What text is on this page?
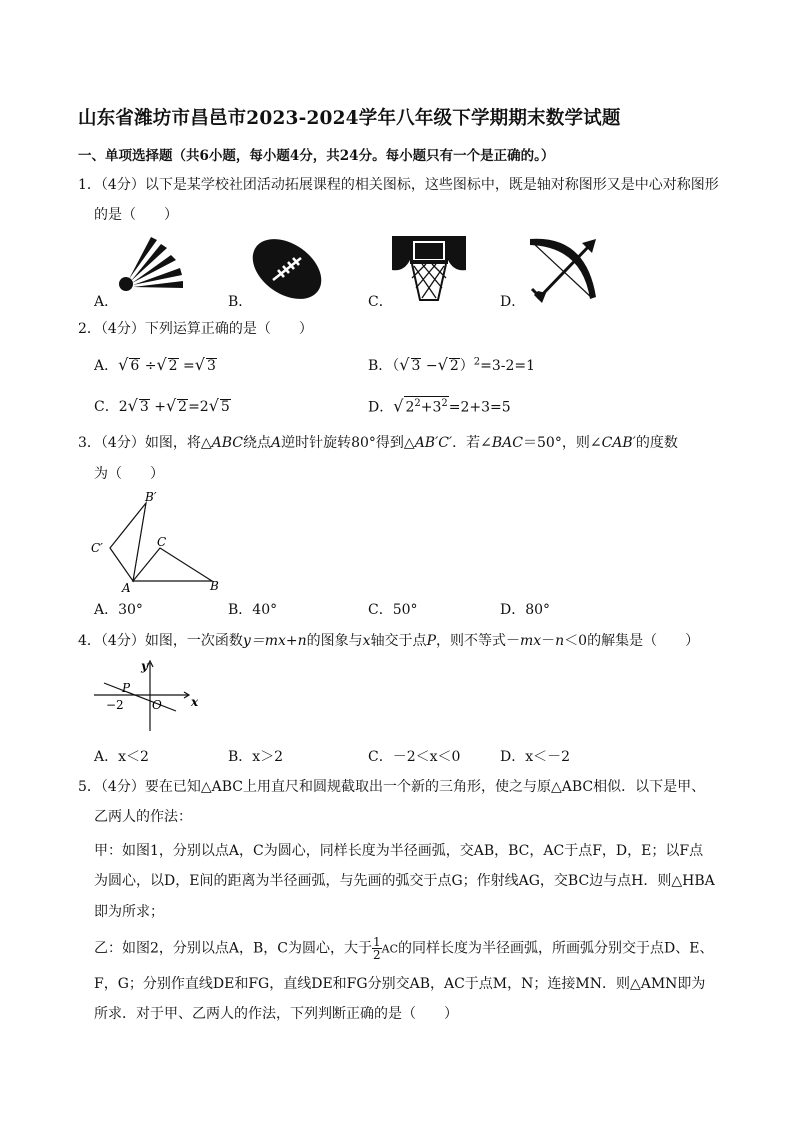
山东省潍坊市昌邑市2023-2024学年八年级下学期期末数学试题
一、单项选择题（共6小题，每小题4分，共24分。每小题只有一个是正确的。）
1．（4分）以下是某学校社团活动拓展课程的相关图标，这些图标中，既是轴对称图形又是中心对称图形
的是（　　）
A．	B．	C．	D．
2．（4分）下列运算正确的是（　　）
A．√ 6 ÷√ 2 =√ 3	B．（√ 3 −√ 2）$^2$=3-2=1
C．2√ 3 +√ 2=2√ 5	D．√ $2^2+3^2=2+3=5$
3．（4分）如图，将△ABC绕点A逆时针旋转80°得到△AB′C′．若∠BAC＝50°，则∠CAB′的度数
为（　　）
B′
C′	C
A	B
A．30°	B．40°	C．50°	D．80°
4．（4分）如图，一次函数y＝mx+n的图象与x轴交于点P，则不等式－mx－n＜0的解集是（　　）
y
x
P
−2 O
A．x＜2	B．x＞2	C．－2＜x＜0	D．x＜－2
5．（4分）要在已知△ABC上用直尺和圆规截取出一个新的三角形，使之与原△ABC相似．以下是甲、
乙两人的作法：
甲：如图1，分别以点A，C为圆心，同样长度为半径画弧，交AB，BC，AC于点F，D，E；以F点
为圆心，以D，E间的距离为半径画弧，与先画的弧交于点G；作射线AG，交BC边与点H．则△HBA
即为所求；
乙：如图2，分别以点A，B，C为圆心，大于 $\frac{1}{2}$ AC的同样长度为半径画弧，所画弧分别交于点D、E、
F，G；分别作直线DE和FG，直线DE和FG分别交AB，AC于点M，N；连接MN．则△AMN即为
所求．对于甲、乙两人的作法，下列判断正确的是（　　）
